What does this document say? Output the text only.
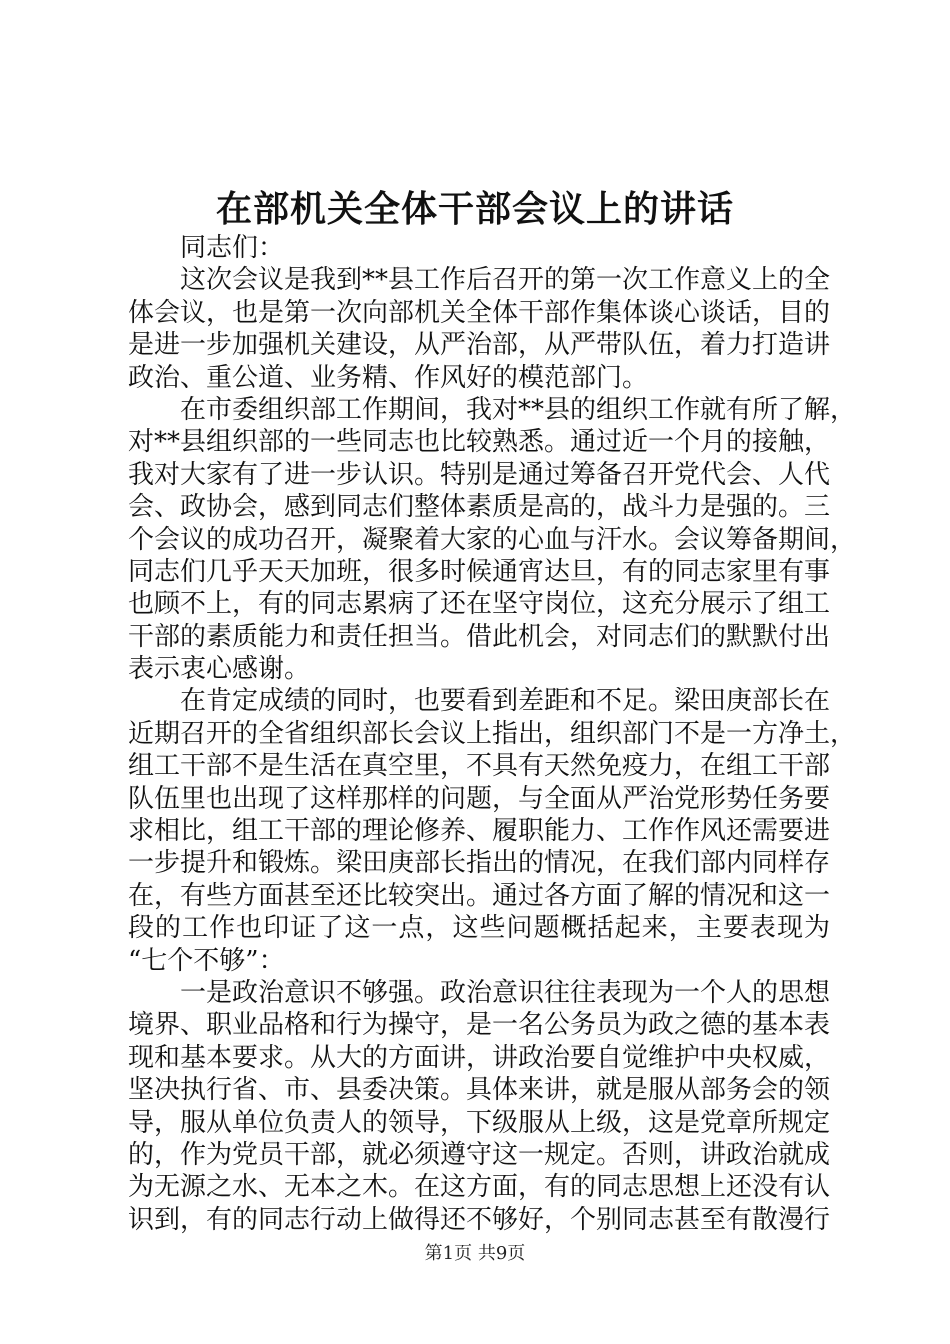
在部机关全体干部会议上的讲话
同志们：
这次会议是我到**县工作后召开的第一次工作意义上的全
体会议，也是第一次向部机关全体干部作集体谈心谈话，目的
是进一步加强机关建设，从严治部，从严带队伍，着力打造讲
政治、重公道、业务精、作风好的模范部门。
在市委组织部工作期间，我对**县的组织工作就有所了解，
对**县组织部的一些同志也比较熟悉。通过近一个月的接触，
我对大家有了进一步认识。特别是通过筹备召开党代会、人代
会、政协会，感到同志们整体素质是高的，战斗力是强的。三
个会议的成功召开，凝聚着大家的心血与汗水。会议筹备期间，
同志们几乎天天加班，很多时候通宵达旦，有的同志家里有事
也顾不上，有的同志累病了还在坚守岗位，这充分展示了组工
干部的素质能力和责任担当。借此机会，对同志们的默默付出
表示衷心感谢。
在肯定成绩的同时，也要看到差距和不足。梁田庚部长在
近期召开的全省组织部长会议上指出，组织部门不是一方净土，
组工干部不是生活在真空里，不具有天然免疫力，在组工干部
队伍里也出现了这样那样的问题，与全面从严治党形势任务要
求相比，组工干部的理论修养、履职能力、工作作风还需要进
一步提升和锻炼。梁田庚部长指出的情况，在我们部内同样存
在，有些方面甚至还比较突出。通过各方面了解的情况和这一
段的工作也印证了这一点，这些问题概括起来，主要表现为
“七个不够”：
一是政治意识不够强。政治意识往往表现为一个人的思想
境界、职业品格和行为操守，是一名公务员为政之德的基本表
现和基本要求。从大的方面讲，讲政治要自觉维护中央权威，
坚决执行省、市、县委决策。具体来讲，就是服从部务会的领
导，服从单位负责人的领导，下级服从上级，这是党章所规定
的，作为党员干部，就必须遵守这一规定。否则，讲政治就成
为无源之水、无本之木。在这方面，有的同志思想上还没有认
识到，有的同志行动上做得还不够好，个别同志甚至有散漫行
第1页 共9页
